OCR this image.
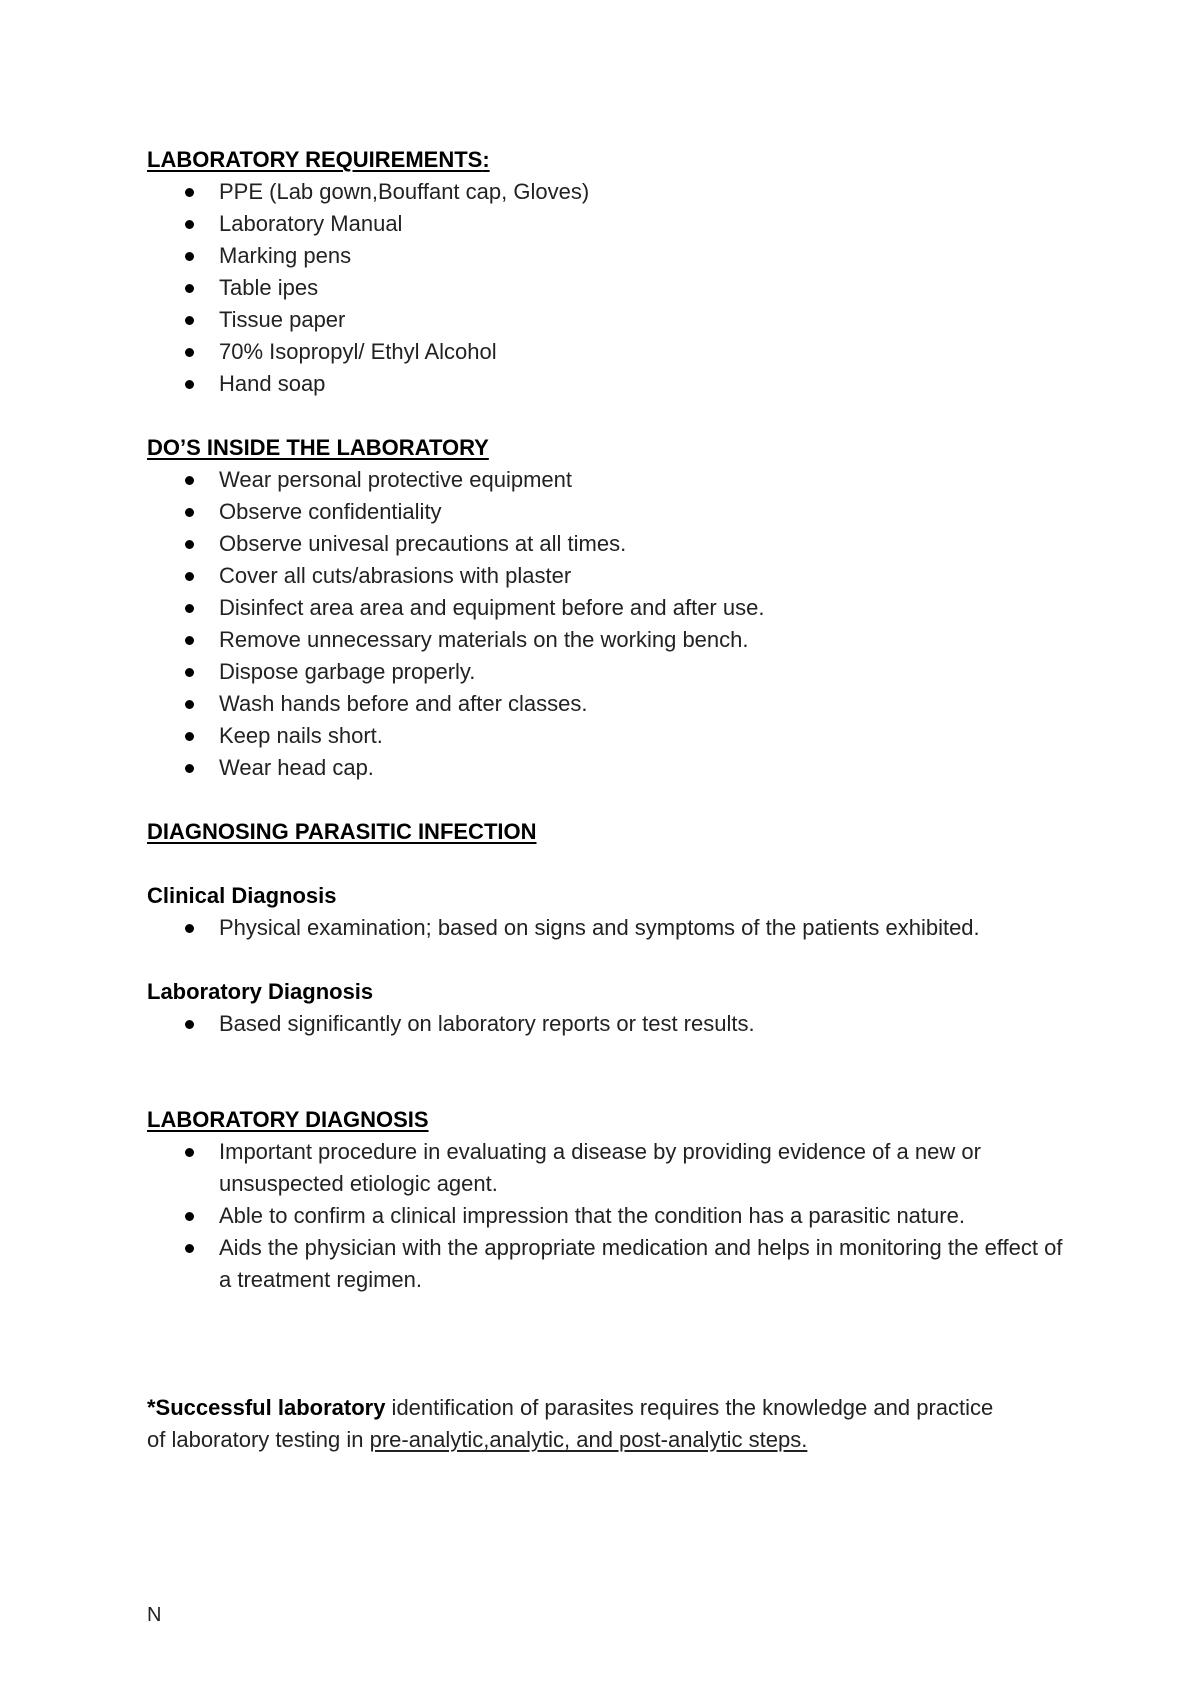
LABORATORY REQUIREMENTS:

PPE (Lab gown,Bouffant cap, Gloves)
Laboratory Manual
Marking pens
Table ipes
Tissue paper
70% Isopropyl/ Ethyl Alcohol
Hand soap

DO’S INSIDE THE LABORATORY

Wear personal protective equipment
Observe confidentiality
Observe univesal precautions at all times.
Cover all cuts/abrasions with plaster
Disinfect area area and equipment before and after use.
Remove unnecessary materials on the working bench.
Dispose garbage properly.
Wash hands before and after classes.
Keep nails short.
Wear head cap.

DIAGNOSING PARASITIC INFECTION

Clinical Diagnosis

Physical examination; based on signs and symptoms of the patients exhibited.

Laboratory Diagnosis

Based significantly on laboratory reports or test results.

LABORATORY DIAGNOSIS

Important procedure in evaluating a disease by providing evidence of a new or unsuspected etiologic agent.
Able to confirm a clinical impression that the condition has a parasitic nature.
Aids the physician with the appropriate medication and helps in monitoring the effect of a treatment regimen.

*Successful laboratory identification of parasites requires the knowledge and practice of laboratory testing in pre-analytic,analytic, and post-analytic steps.

N
